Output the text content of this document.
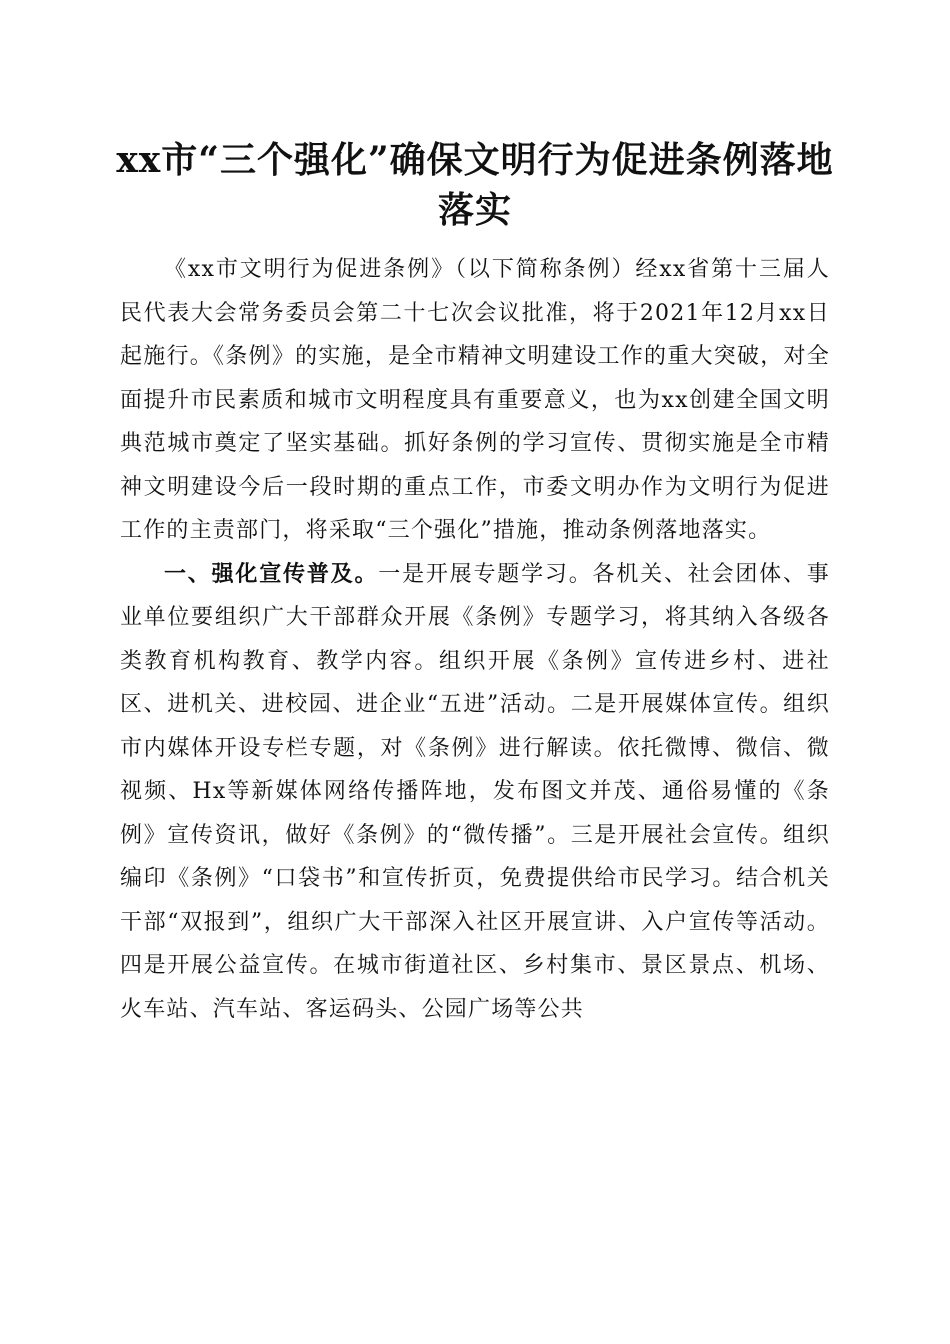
xx市“三个强化”确保文明行为促进条例落地落实

《xx市文明行为促进条例》（以下简称条例）经xx省第十三届人民代表大会常务委员会第二十七次会议批准，将于2021年12月xx日起施行。《条例》的实施，是全市精神文明建设工作的重大突破，对全面提升市民素质和城市文明程度具有重要意义，也为xx创建全国文明典范城市奠定了坚实基础。抓好条例的学习宣传、贯彻实施是全市精神文明建设今后一段时期的重点工作，市委文明办作为文明行为促进工作的主责部门，将采取“三个强化”措施，推动条例落地落实。

一、强化宣传普及。一是开展专题学习。各机关、社会团体、事业单位要组织广大干部群众开展《条例》专题学习，将其纳入各级各类教育机构教育、教学内容。组织开展《条例》宣传进乡村、进社区、进机关、进校园、进企业“五进”活动。二是开展媒体宣传。组织市内媒体开设专栏专题，对《条例》进行解读。依托微博、微信、微视频、Hx等新媒体网络传播阵地，发布图文并茂、通俗易懂的《条例》宣传资讯，做好《条例》的“微传播”。三是开展社会宣传。组织编印《条例》“口袋书”和宣传折页，免费提供给市民学习。结合机关干部“双报到”，组织广大干部深入社区开展宣讲、入户宣传等活动。四是开展公益宣传。在城市街道社区、乡村集市、景区景点、机场、火车站、汽车站、客运码头、公园广场等公共
